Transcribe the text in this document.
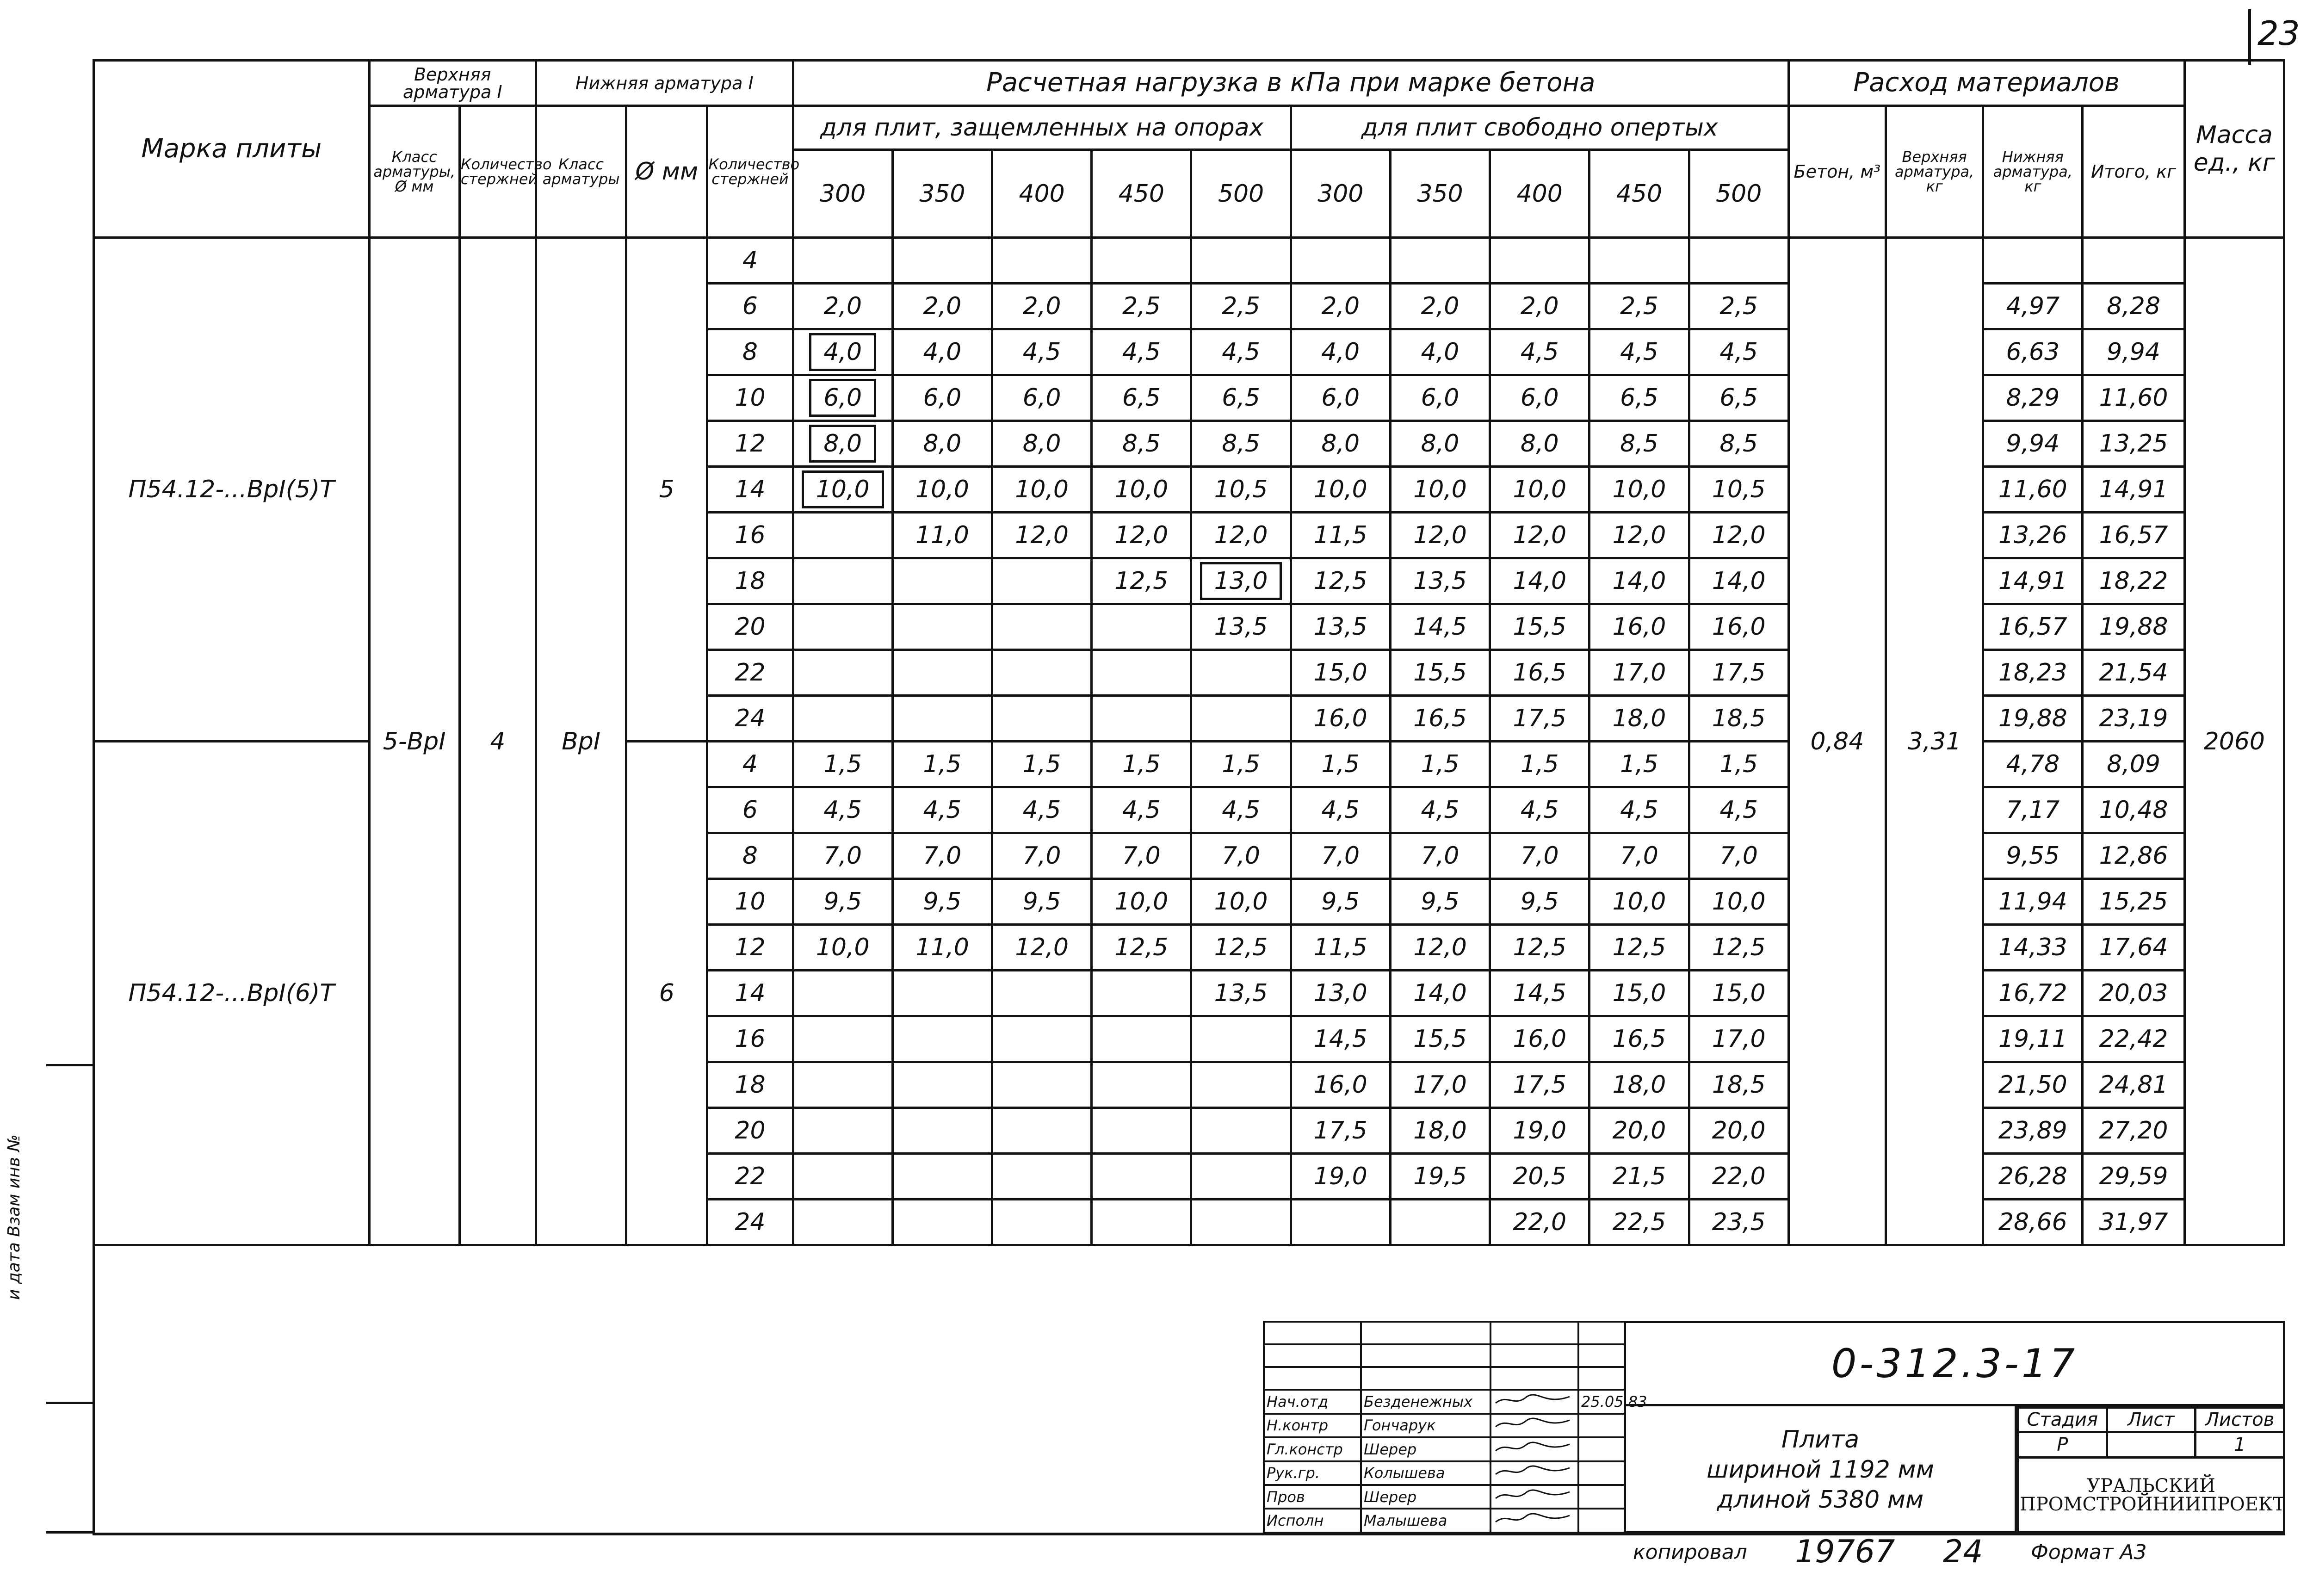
23
Марка плиты	Верхняя арматура I		Нижняя арматура I			Расчетная нагрузка в кПа при марке бетона										Расход материалов				Масса ед., кг
	Класс арматуры, Ø мм	Количество стержней	Класс арматуры	Ø мм	Количество стержней	для плит, защемленных на опорах					для плит свободно опертых					Бетон, м³	Верхняя арматура, кг	Нижняя арматура, кг	Итого, кг	
						300	350	400	450	500	300	350	400	450	500					
П54.12-...BpI(5)T	5-BpI	4	BpI	5	4											0,84	3,31			2060
					6	2,0	2,0	2,0	2,5	2,5	2,0	2,0	2,0	2,5	2,5			4,97	8,28	
					8	4,0	4,0	4,5	4,5	4,5	4,0	4,0	4,5	4,5	4,5			6,63	9,94	
					10	6,0	6,0	6,0	6,5	6,5	6,0	6,0	6,0	6,5	6,5			8,29	11,60	
					12	8,0	8,0	8,0	8,5	8,5	8,0	8,0	8,0	8,5	8,5			9,94	13,25	
					14	10,0	10,0	10,0	10,0	10,5	10,0	10,0	10,0	10,0	10,5			11,60	14,91	
					16		11,0	12,0	12,0	12,0	11,5	12,0	12,0	12,0	12,0			13,26	16,57	
					18				12,5	13,0	12,5	13,5	14,0	14,0	14,0			14,91	18,22	
					20					13,5	13,5	14,5	15,5	16,0	16,0			16,57	19,88	
					22						15,0	15,5	16,5	17,0	17,5			18,23	21,54	
					24						16,0	16,5	17,5	18,0	18,5			19,88	23,19	
П54.12-...BpI(6)T				6	4	1,5	1,5	1,5	1,5	1,5	1,5	1,5	1,5	1,5	1,5			4,78	8,09	
					6	4,5	4,5	4,5	4,5	4,5	4,5	4,5	4,5	4,5	4,5			7,17	10,48	
					8	7,0	7,0	7,0	7,0	7,0	7,0	7,0	7,0	7,0	7,0			9,55	12,86	
					10	9,5	9,5	9,5	10,0	10,0	9,5	9,5	9,5	10,0	10,0			11,94	15,25	
					12	10,0	11,0	12,0	12,5	12,5	11,5	12,0	12,5	12,5	12,5			14,33	17,64	
					14					13,5	13,0	14,0	14,5	15,0	15,0			16,72	20,03	
					16						14,5	15,5	16,0	16,5	17,0			19,11	22,42	
					18						16,0	17,0	17,5	18,0	18,5			21,50	24,81	
					20						17,5	18,0	19,0	20,0	20,0			23,89	27,20	
					22						19,0	19,5	20,5	21,5	22,0			26,28	29,59	
					24								22,0	22,5	23,5			28,66	31,97	
и дата Взам инв №

Нач.отд	Безденежных		25.05.83
Н.контр	Гончарук		
Гл.констр	Шерер		
Рук.гр.	Колышева		
Пров	Шерер		
Исполн	Малышева		
0-312.3-17
Плита
шириной 1192 мм
длиной 5380 мм
Стадия	Лист	Листов
Р		1
УРАЛЬСКИЙ ПРОМСТРОЙНИИПРОЕКТ		
копировал 19767 24 Формат А3
